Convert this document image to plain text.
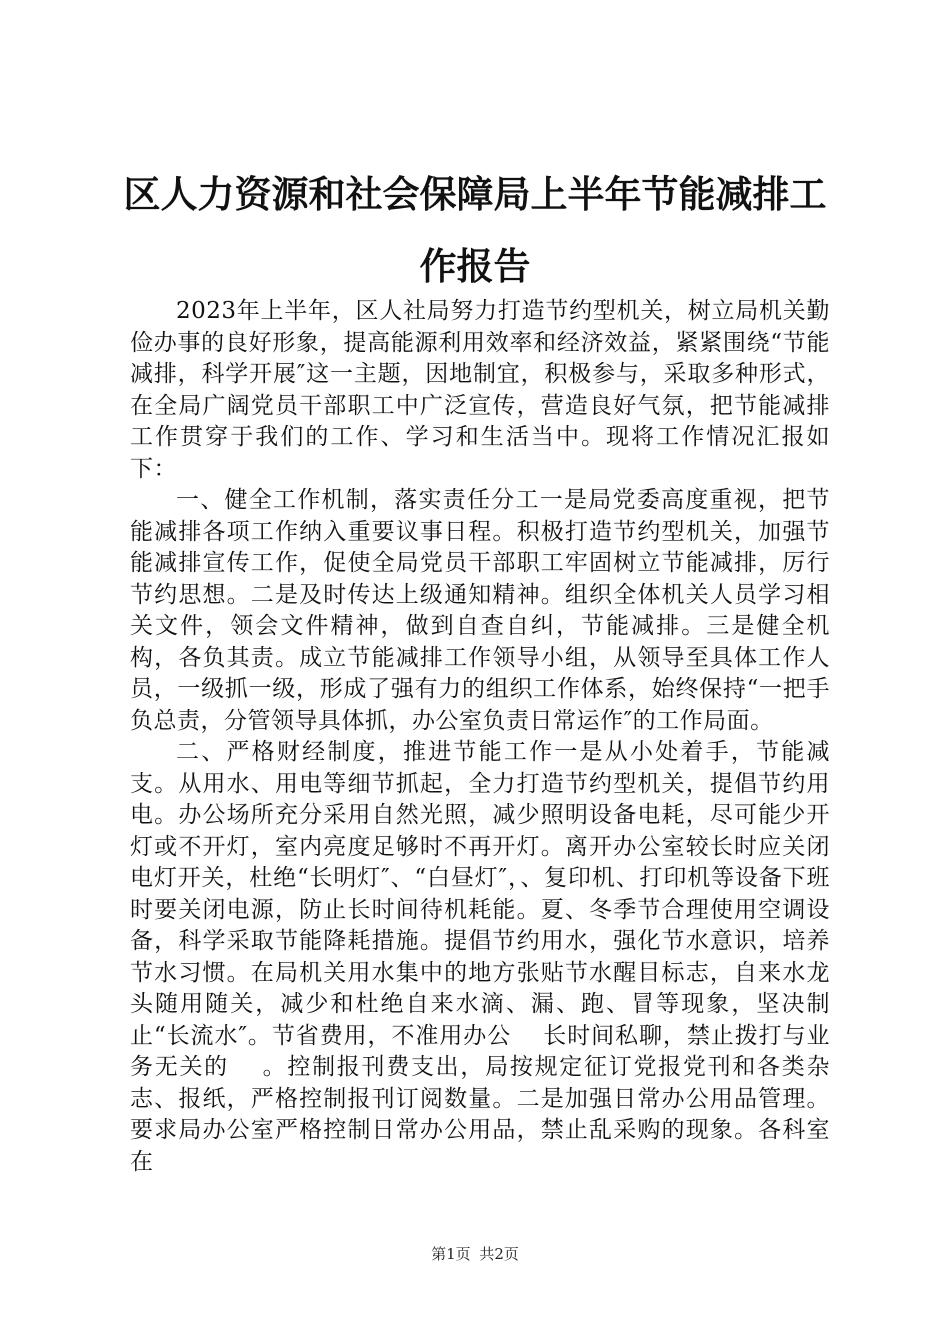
区人力资源和社会保障局上半年节能减排工作报告

2023年上半年，区人社局努力打造节约型机关，树立局机关勤俭办事的良好形象，提高能源利用效率和经济效益，紧紧围绕“节能减排，科学开展″这一主题，因地制宜，积极参与，采取多种形式，在全局广阔党员干部职工中广泛宣传，营造良好气氛，把节能减排工作贯穿于我们的工作、学习和生活当中。现将工作情况汇报如下：

一、健全工作机制，落实责任分工一是局党委高度重视，把节能减排各项工作纳入重要议事日程。积极打造节约型机关，加强节能减排宣传工作，促使全局党员干部职工牢固树立节能减排，厉行节约思想。二是及时传达上级通知精神。组织全体机关人员学习相关文件，领会文件精神，做到自查自纠，节能减排。三是健全机构，各负其责。成立节能减排工作领导小组，从领导至具体工作人员，一级抓一级，形成了强有力的组织工作体系，始终保持“一把手负总责，分管领导具体抓，办公室负责日常运作″的工作局面。

二、严格财经制度，推进节能工作一是从小处着手，节能减支。从用水、用电等细节抓起，全力打造节约型机关，提倡节约用电。办公场所充分采用自然光照，减少照明设备电耗，尽可能少开灯或不开灯，室内亮度足够时不再开灯。离开办公室较长时应关闭电灯开关，杜绝“长明灯″、“白昼灯″，、复印机、打印机等设备下班时要关闭电源，防止长时间待机耗能。夏、冬季节合理使用空调设备，科学采取节能降耗措施。提倡节约用水，强化节水意识，培养节水习惯。在局机关用水集中的地方张贴节水醒目标志，自来水龙头随用随关，减少和杜绝自来水滴、漏、跑、冒等现象，坚决制止“长流水″。节省费用，不准用办公　 长时间私聊，禁止拨打与业务无关的　 。控制报刊费支出，局按规定征订党报党刊和各类杂志、报纸，严格控制报刊订阅数量。二是加强日常办公用品管理。要求局办公室严格控制日常办公用品，禁止乱采购的现象。各科室在

第1页 共2页
